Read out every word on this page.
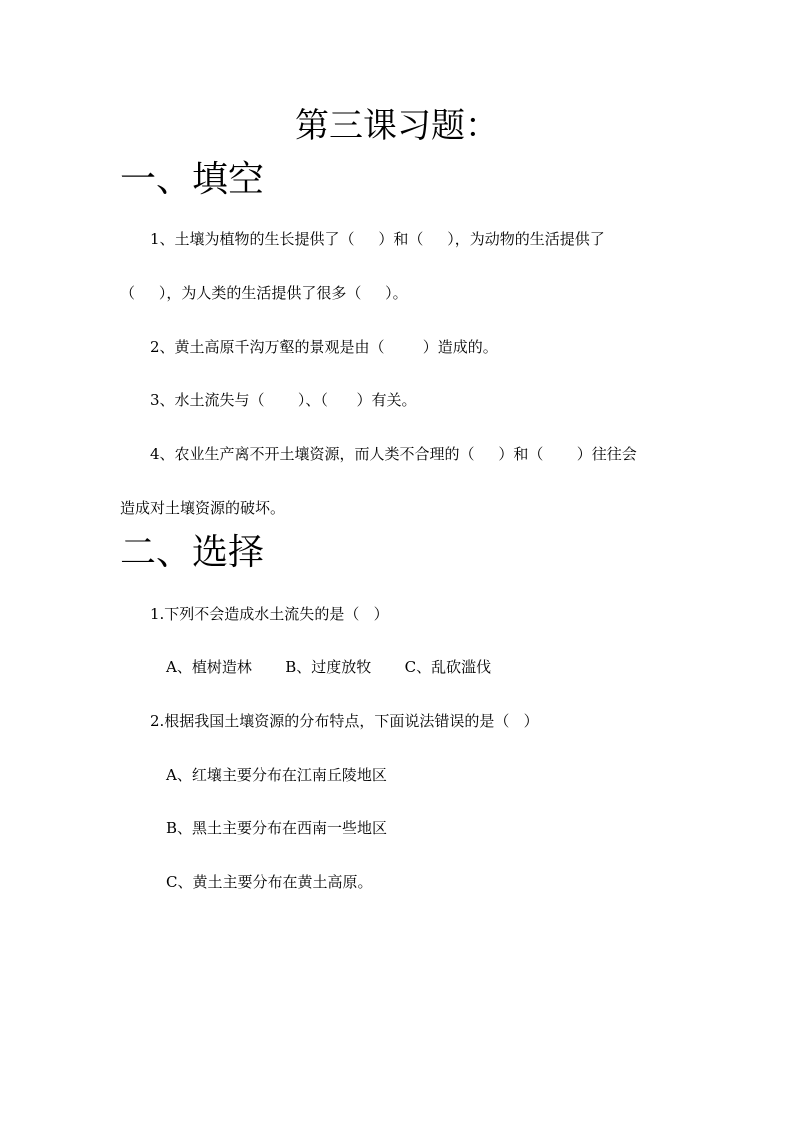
第三课习题：
一、填空
1、土壤为植物的生长提供了（     ）和（     ），为动物的生活提供了
（     ），为人类的生活提供了很多（     ）。
2、黄土高原千沟万壑的景观是由（        ）造成的。
3、水土流失与（       ）、（      ）有关。
4、农业生产离不开土壤资源，而人类不合理的（     ）和（       ）往往会
造成对土壤资源的破坏。
二、选择
1.下列不会造成水土流失的是（   ）
A、植树造林       B、过度放牧       C、乱砍滥伐
2.根据我国土壤资源的分布特点，下面说法错误的是（   ）
A、红壤主要分布在江南丘陵地区
B、黑土主要分布在西南一些地区
C、黄土主要分布在黄土高原。
